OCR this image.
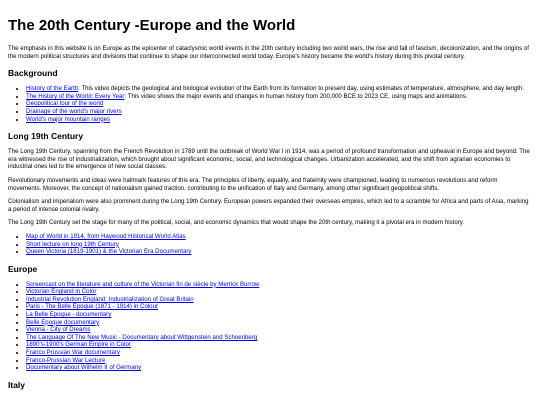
The 20th Century -Europe and the World

The emphasis in this website is on Europe as the epicenter of cataclysmic world events in the 20th century including two world wars, the rise and fall of fascism, decolonization, and the origins of the modern political structures and divisions that continue to shape our interconnected world today. Europe's history became the world's history during this pivotal century.

Background
• History of the Earth: This video depicts the geological and biological evolution of the Earth from its formation to present day, using estimates of temperature, atmosphere, and day length.
• The History of the World: Every Year: This video shows the major events and changes in human history from 200,000 BCE to 2023 CE, using maps and animations.
• Geopolitical tour of the world
• Drainage of the world's major rivers
• World's major mountain ranges
Long 19th Century

The Long 19th Century, spanning from the French Revolution in 1789 until the outbreak of World War I in 1914, was a period of profound transformation and upheaval in Europe and beyond. The era witnessed the rise of industrialization, which brought about significant economic, social, and technological changes. Urbanization accelerated, and the shift from agrarian economies to industrial ones led to the emergence of new social classes.

Revolutionary movements and ideas were hallmark features of this era. The principles of liberty, equality, and fraternity were championed, leading to numerous revolutions and reform movements. Moreover, the concept of nationalism gained traction, contributing to the unification of Italy and Germany, among other significant geopolitical shifts.

Colonialism and imperialism were also prominent during the Long 19th Century. European powers expanded their overseas empires, which led to a scramble for Africa and parts of Asia, marking a period of intense colonial rivalry.

The Long 19th Century set the stage for many of the political, social, and economic dynamics that would shape the 20th century, making it a pivotal era in modern history.

• Map of World in 1914, from Haywood Historical World Atlas
• Short lecture on long 19th Century
• Queen Victoria (1819-1901) & the Victorian Era Documentary
Europe
• Screencast on the literature and culture of the Victorian fin de siècle by Merrick Burrow
• Victorian England in Color
• Industrial Revolution England: Industrialization of Great Britain
• Paris - The Belle Epoque (1871 - 1914) in Colour
• La Belle Epoque - documentary
• Belle Epoque documentary
• Vienna - City of Dreams
• The Language Of The New Music - Documentary about Wittgenstein and Schoenberg
• 1890's-1900's German Empire in Color
• Franco Prussian War documentary
• Franco-Prussian War Lecture
• Documentary about Wilhelm II of Germany
Italy
